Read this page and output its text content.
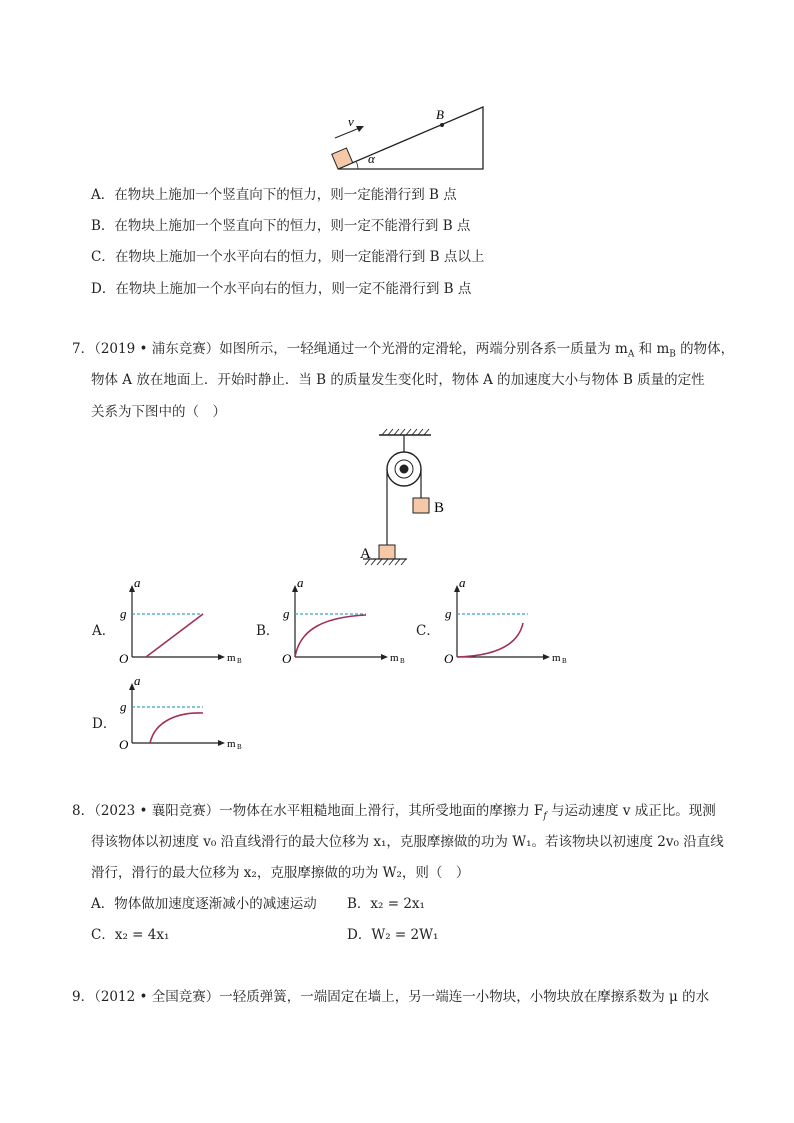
v	B
α
A．在物块上施加一个竖直向下的恒力，则一定能滑行到 B 点
B．在物块上施加一个竖直向下的恒力，则一定不能滑行到 B 点
C．在物块上施加一个水平向右的恒力，则一定能滑行到 B 点以上
D．在物块上施加一个水平向右的恒力，则一定不能滑行到 B 点
7．（2019 • 浦东竞赛）如图所示，一轻绳通过一个光滑的定滑轮，两端分别各系一质量为 $m_A$ 和 $m_B$ 的物体，
物体 A 放在地面上．开始时静止．当 B 的质量发生变化时，物体 A 的加速度大小与物体 B 质量的定性
关系为下图中的（　）
B
A
A．
a
g
O	m B
B．
a
g
O	m B
C．
a
g
O	m B
D．
a
g
O	m B
8．（2023 • 襄阳竞赛）一物体在水平粗糙地面上滑行，其所受地面的摩擦力 $F_f$ 与运动速度 v 成正比。现测
得该物体以初速度 v₀ 沿直线滑行的最大位移为 x₁，克服摩擦做的功为 W₁。若该物块以初速度 2v₀ 沿直线
滑行，滑行的最大位移为 x₂，克服摩擦做的功为 W₂，则（　）
A．物体做加速度逐渐减小的减速运动 B．x₂ = 2x₁
C．x₂ = 4x₁	D．W₂ = 2W₁
9．（2012 • 全国竞赛）一轻质弹簧，一端固定在墙上，另一端连一小物块，小物块放在摩擦系数为 μ 的水
